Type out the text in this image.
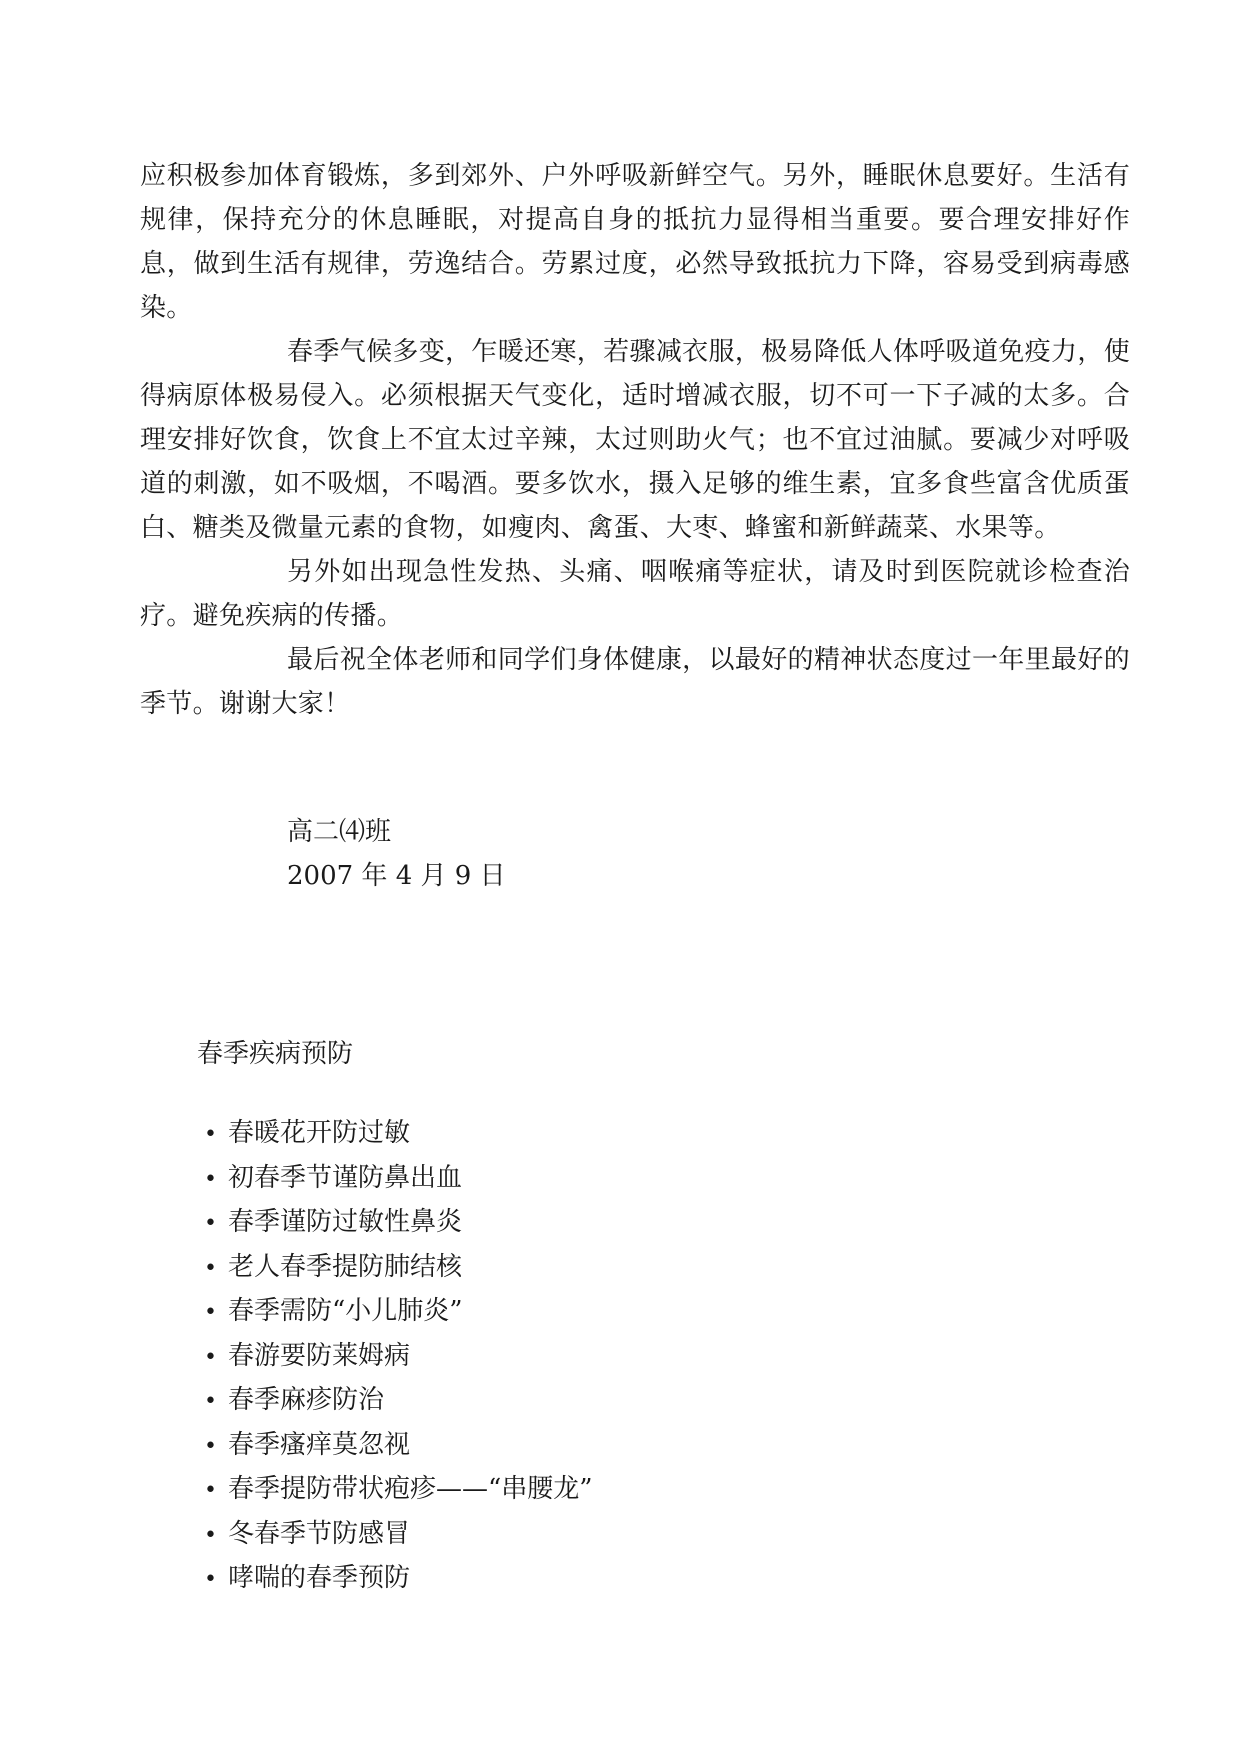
应积极参加体育锻炼，多到郊外、户外呼吸新鲜空气。另外，睡眠休息要好。生活有规律，保持充分的休息睡眠，对提高自身的抵抗力显得相当重要。要合理安排好作息，做到生活有规律，劳逸结合。劳累过度，必然导致抵抗力下降，容易受到病毒感染。

春季气候多变，乍暖还寒，若骤减衣服，极易降低人体呼吸道免疫力，使得病原体极易侵入。必须根据天气变化，适时增减衣服，切不可一下子减的太多。合理安排好饮食，饮食上不宜太过辛辣，太过则助火气；也不宜过油腻。要减少对呼吸道的刺激，如不吸烟，不喝酒。要多饮水，摄入足够的维生素，宜多食些富含优质蛋白、糖类及微量元素的食物，如瘦肉、禽蛋、大枣、蜂蜜和新鲜蔬菜、水果等。

另外如出现急性发热、头痛、咽喉痛等症状，请及时到医院就诊检查治疗。避免疾病的传播。

最后祝全体老师和同学们身体健康，以最好的精神状态度过一年里最好的季节。谢谢大家！

高二⑷班
2007 年 4 月 9 日
春季疾病预防
• 春暖花开防过敏
• 初春季节谨防鼻出血
• 春季谨防过敏性鼻炎
• 老人春季提防肺结核
• 春季需防“小儿肺炎”
• 春游要防莱姆病
• 春季麻疹防治
• 春季瘙痒莫忽视
• 春季提防带状疱疹——“串腰龙”
• 冬春季节防感冒
• 哮喘的春季预防
